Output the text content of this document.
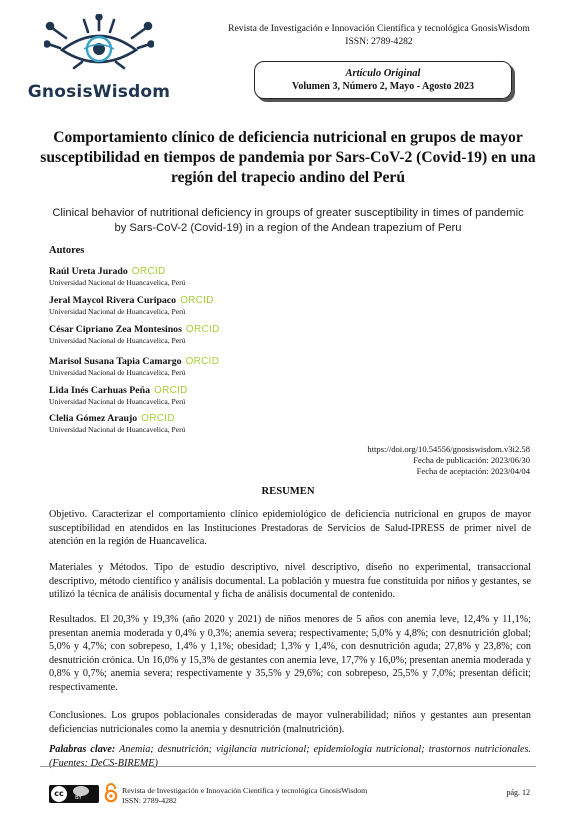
GnosisWisdom
Revista de Investigación e Innovación Científica y tecnológica GnosisWisdom
ISSN: 2789-4282
Artículo Original
Volumen 3, Número 2, Mayo - Agosto 2023
Comportamiento clínico de deficiencia nutricional en grupos de mayor susceptibilidad en tiempos de pandemia por Sars-CoV-2 (Covid-19) en una región del trapecio andino del Perú
Clinical behavior of nutritional deficiency in groups of greater susceptibility in times of pandemic by Sars-CoV-2 (Covid-19) in a region of the Andean trapezium of Peru
Autores
Raúl Ureta Jurado ORCID
Universidad Nacional de Huancavelica, Perú
Jeral Maycol Rivera Curipaco ORCID
Universidad Nacional de Huancavelica, Perú
César Cipriano Zea Montesinos ORCID
Universidad Nacional de Huancavelica, Perú
Marisol Susana Tapia Camargo ORCID
Universidad Nacional de Huancavelica, Perú
Lida Inés Carhuas Peña ORCID
Universidad Nacional de Huancavelica, Perú
Clelia Gómez Araujo ORCID
Universidad Nacional de Huancavelica, Perú
https://doi.org/10.54556/gnosiswisdom.v3i2.58
Fecha de publicación: 2023/06/30
Fecha de aceptación: 2023/04/04
RESUMEN
Objetivo. Caracterizar el comportamiento clínico epidemiológico de deficiencia nutricional en grupos de mayor susceptibilidad en atendidos en las Instituciones Prestadoras de Servicios de Salud-IPRESS de primer nivel de atención en la región de Huancavelica.
Materiales y Métodos. Tipo de estudio descriptivo, nivel descriptivo, diseño no experimental, transaccional descriptivo, método científico y análisis documental. La población y muestra fue constituida por niños y gestantes, se utilizó la técnica de análisis documental y ficha de análisis documental de contenido.
Resultados. El 20,3% y 19,3% (año 2020 y 2021) de niños menores de 5 años con anemia leve, 12,4% y 11,1%; presentan anemia moderada y 0,4% y 0,3%; anemia severa; respectivamente; 5,0% y 4,8%; con desnutrición global; 5,0% y 4,7%; con sobrepeso, 1,4% y 1,1%; obesidad; 1,3% y 1,4%, con desnutrición aguda; 27,8% y 23,8%; con desnutrición crónica. Un 16,0% y 15,3% de gestantes con anemia leve, 17,7% y 16,0%; presentan anemia moderada y 0,8% y 0,7%; anemia severa; respectivamente y 35,5% y 29,6%; con sobrepeso, 25,5% y 7,0%; presentan déficit; respectivamente.
Conclusiones. Los grupos poblacionales consideradas de mayor vulnerabilidad; niños y gestantes aun presentan deficiencias nutricionales como la anemia y desnutrición (malnutrición).
Palabras clave: Anemia; desnutrición; vigilancia nutricional; epidemiología nutricional; trastornos nutricionales. (Fuentes: DeCS-BIREME)
cc	BY
Revista de Investigación e Innovación Científica y tecnológica GnosisWisdom
ISSN: 2789-4282
pág. 12
